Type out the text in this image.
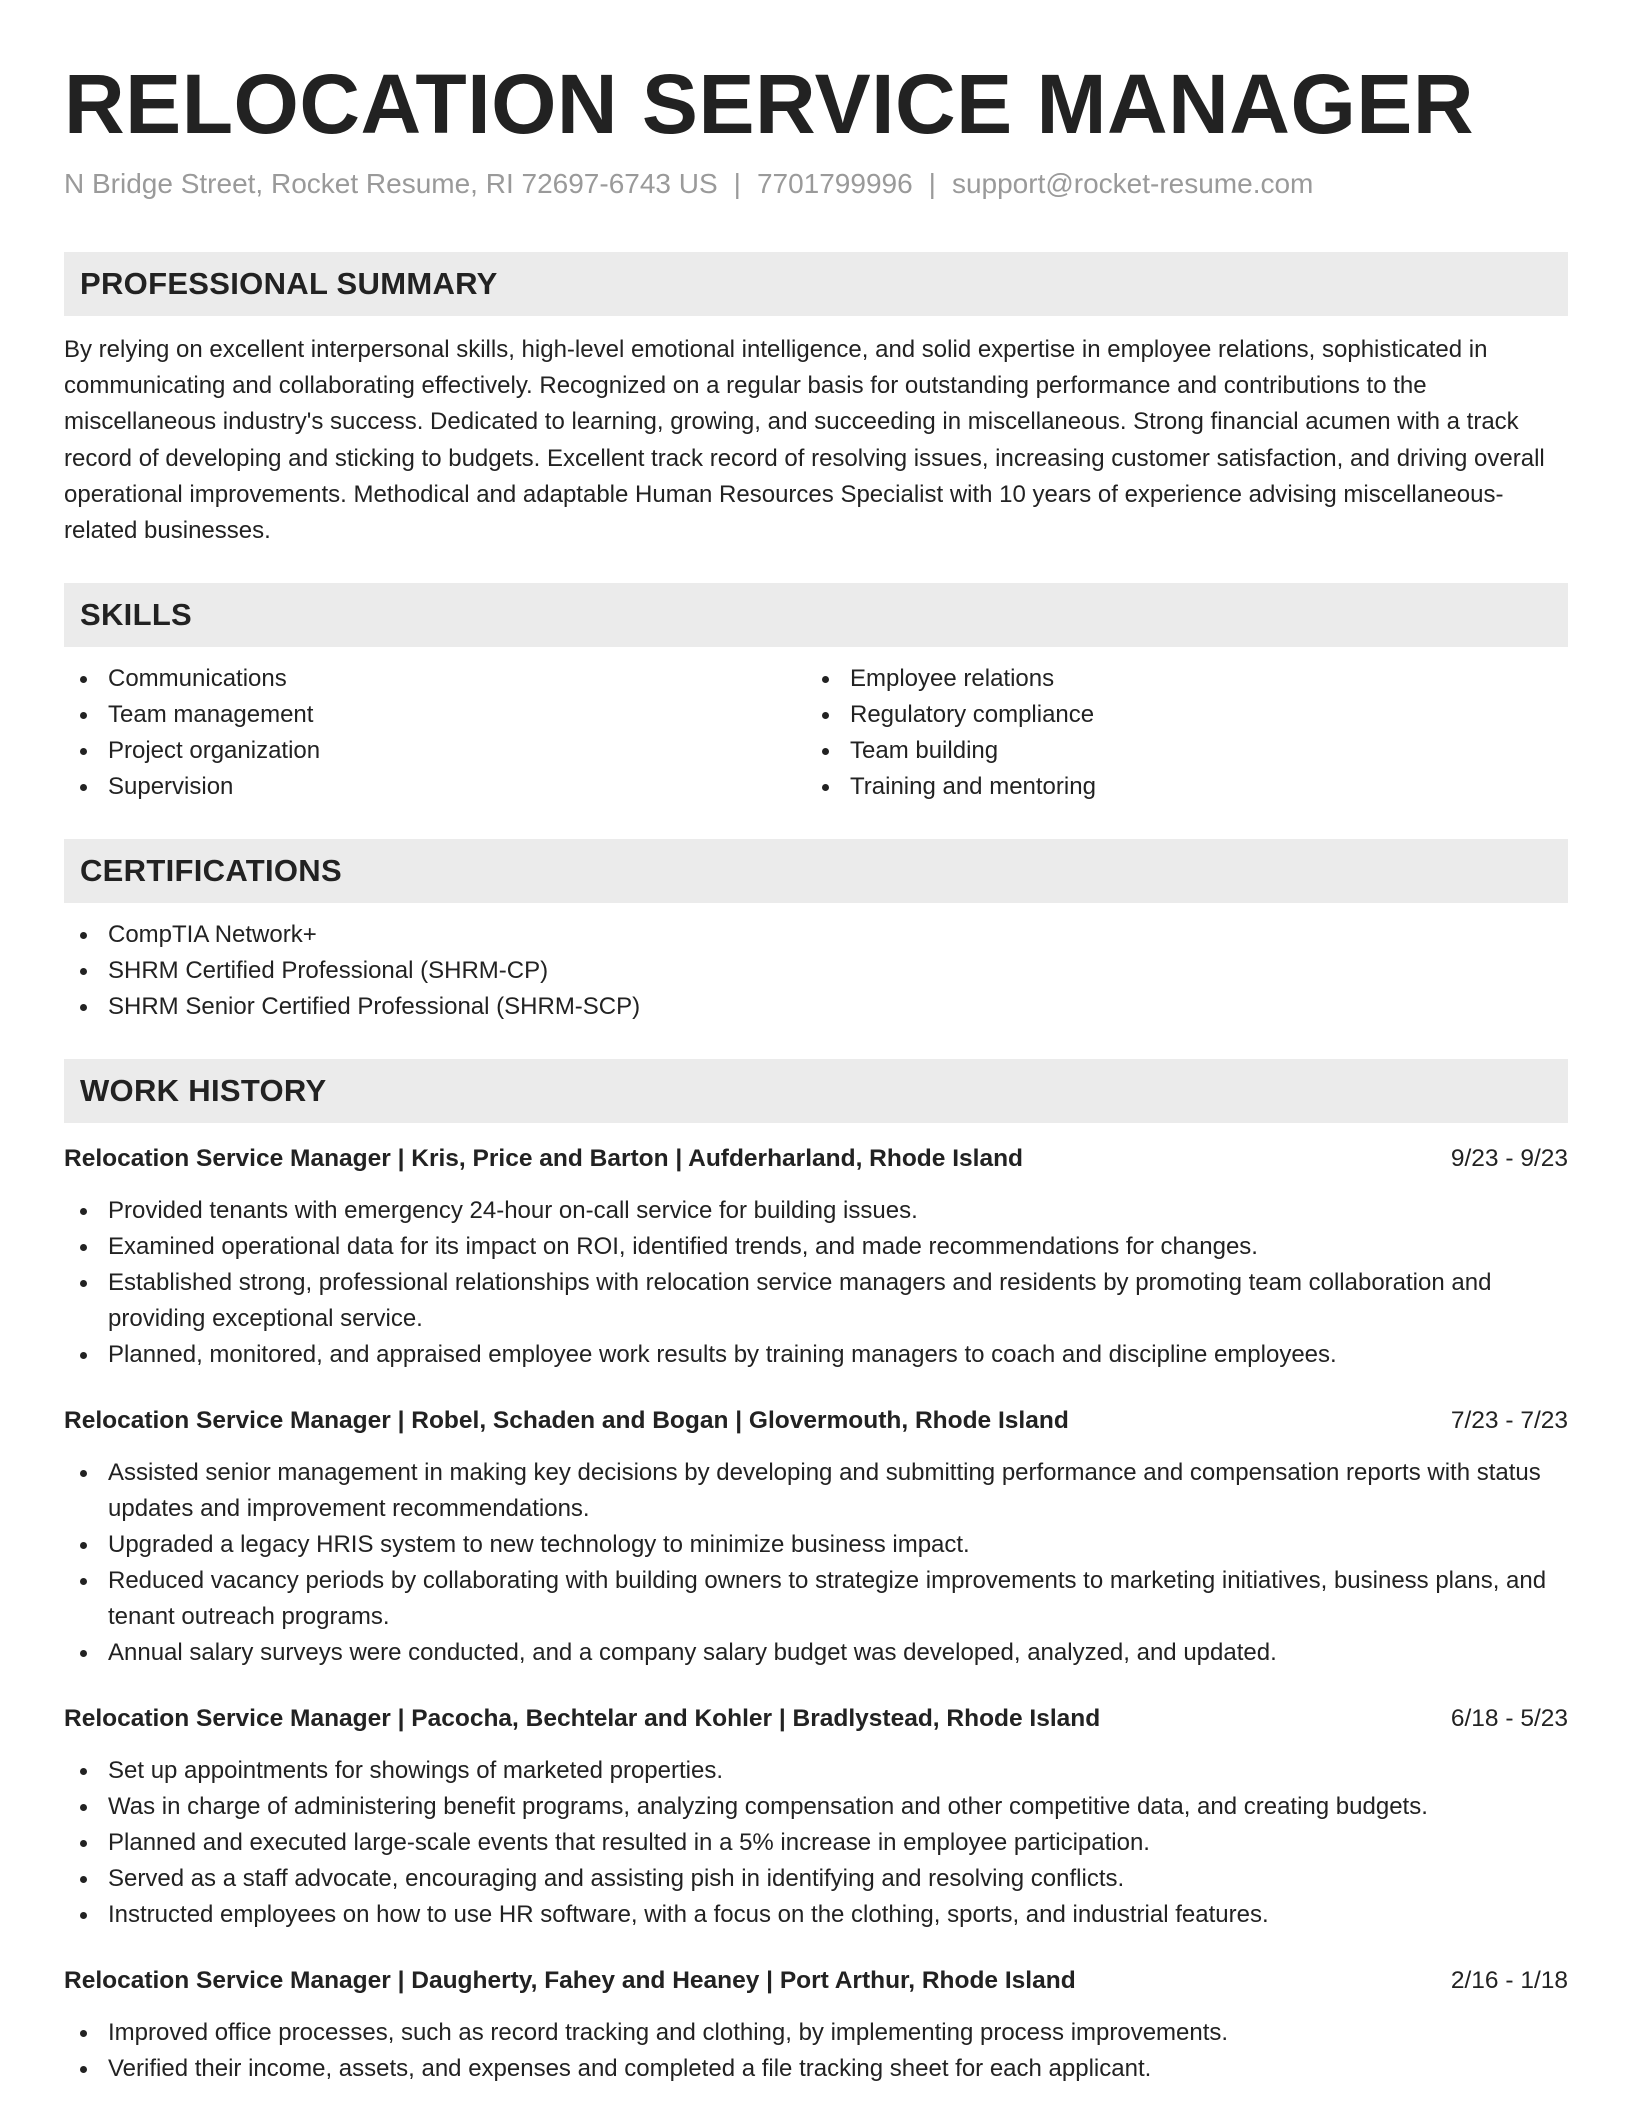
RELOCATION SERVICE MANAGER
N Bridge Street, Rocket Resume, RI 72697-6743 US | 7701799996 | support@rocket-resume.com
PROFESSIONAL SUMMARY

By relying on excellent interpersonal skills, high-level emotional intelligence, and solid expertise in employee relations, sophisticated in communicating and collaborating effectively. Recognized on a regular basis for outstanding performance and contributions to the miscellaneous industry's success. Dedicated to learning, growing, and succeeding in miscellaneous. Strong financial acumen with a track record of developing and sticking to budgets. Excellent track record of resolving issues, increasing customer satisfaction, and driving overall operational improvements. Methodical and adaptable Human Resources Specialist with 10 years of experience advising miscellaneous-related businesses.

SKILLS
Communications
Team management
Project organization
Supervision
Employee relations
Regulatory compliance
Team building
Training and mentoring
CERTIFICATIONS
CompTIA Network+
SHRM Certified Professional (SHRM-CP)
SHRM Senior Certified Professional (SHRM-SCP)
WORK HISTORY
Relocation Service Manager | Kris, Price and Barton | Aufderharland, Rhode Island	9/23 - 9/23
Provided tenants with emergency 24-hour on-call service for building issues.
Examined operational data for its impact on ROI, identified trends, and made recommendations for changes.
Established strong, professional relationships with relocation service managers and residents by promoting team collaboration and providing exceptional service.
Planned, monitored, and appraised employee work results by training managers to coach and discipline employees.
Relocation Service Manager | Robel, Schaden and Bogan | Glovermouth, Rhode Island	7/23 - 7/23
Assisted senior management in making key decisions by developing and submitting performance and compensation reports with status updates and improvement recommendations.
Upgraded a legacy HRIS system to new technology to minimize business impact.
Reduced vacancy periods by collaborating with building owners to strategize improvements to marketing initiatives, business plans, and tenant outreach programs.
Annual salary surveys were conducted, and a company salary budget was developed, analyzed, and updated.
Relocation Service Manager | Pacocha, Bechtelar and Kohler | Bradlystead, Rhode Island	6/18 - 5/23
Set up appointments for showings of marketed properties.
Was in charge of administering benefit programs, analyzing compensation and other competitive data, and creating budgets.
Planned and executed large-scale events that resulted in a 5% increase in employee participation.
Served as a staff advocate, encouraging and assisting pish in identifying and resolving conflicts.
Instructed employees on how to use HR software, with a focus on the clothing, sports, and industrial features.
Relocation Service Manager | Daugherty, Fahey and Heaney | Port Arthur, Rhode Island	2/16 - 1/18
Improved office processes, such as record tracking and clothing, by implementing process improvements.
Verified their income, assets, and expenses and completed a file tracking sheet for each applicant.
